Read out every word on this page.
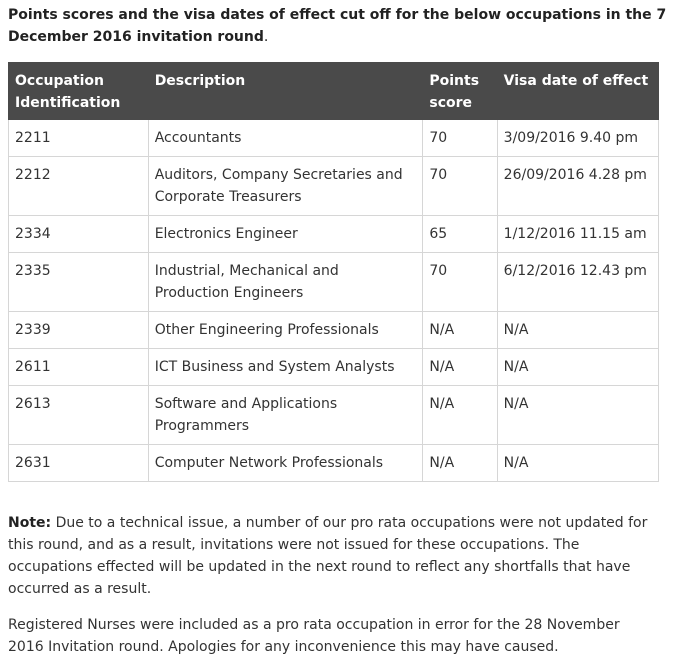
Points scores and the visa dates of effect cut off for the below occupations in the 7 December 2016 invitation round.

Occupation Identification	Description	Points score	Visa date of effect
2211	Accountants	70	3/09/2016 9.40 pm
2212	Auditors, Company Secretaries and Corporate Treasurers	70	26/09/2016 4.28 pm
2334	Electronics Engineer	65	1/12/2016 11.15 am
2335	Industrial, Mechanical and Production Engineers	70	6/12/2016 12.43 pm
2339	Other Engineering Professionals	N/A	N/A
2611	ICT Business and System Analysts	N/A	N/A
2613	Software and Applications Programmers	N/A	N/A
2631	Computer Network Professionals	N/A	N/A

Note: Due to a technical issue, a number of our pro rata occupations were not updated for this round, and as a result, invitations were not issued for these occupations. The occupations effected will be updated in the next round to reflect any shortfalls that have occurred as a result.

Registered Nurses were included as a pro rata occupation in error for the 28 November 2016 Invitation round. Apologies for any inconvenience this may have caused.
